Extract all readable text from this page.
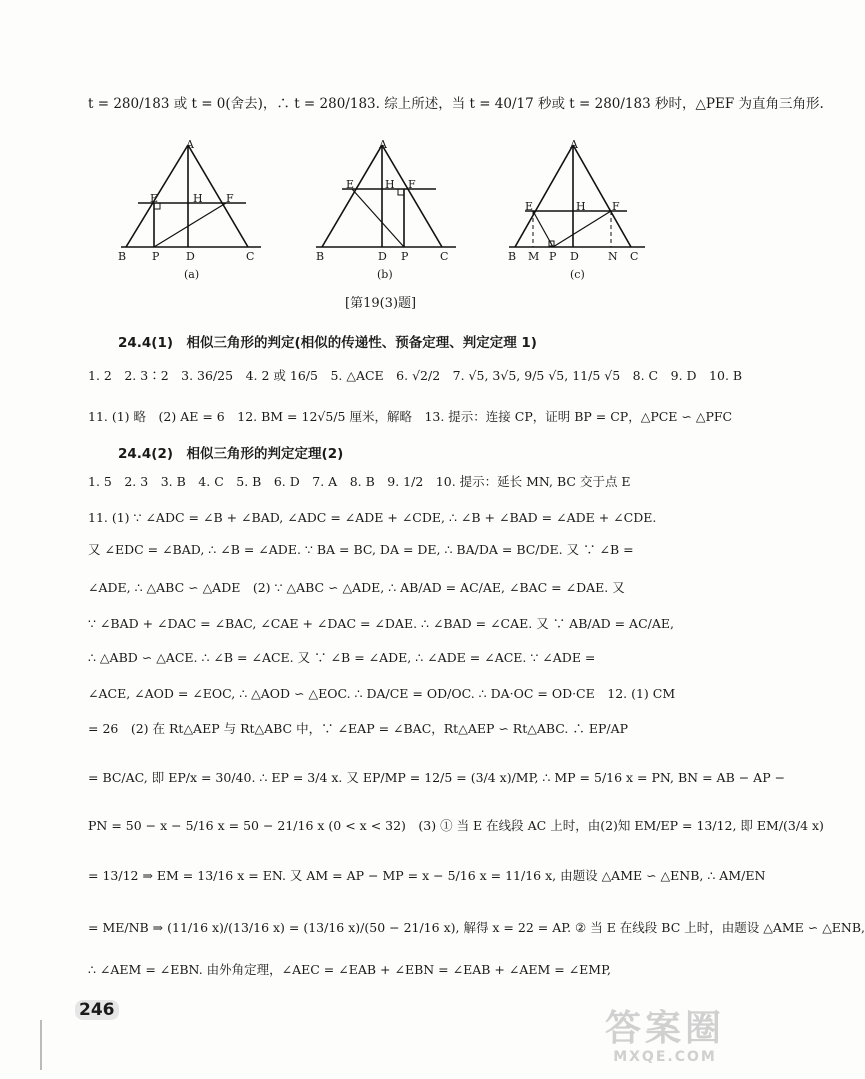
t = 280/183 或 t = 0(舍去)，∴ t = 280/183. 综上所述，当 t = 40/17 秒或 t = 280/183 秒时，△PEF 为直角三角形.
A
E	H F
B P D	C
(a)
A
E	H F
B	D P	C
(b)
A
E	H F
B M P D	N C
(c)
[第19(3)题]
24.4(1)　相似三角形的判定(相似的传递性、预备定理、判定定理 1)
1. 2　2. 3∶2　3. 36/25　4. 2 或 16/5　5. △ACE　6. √2/2　7. √5, 3√5, 9/5 √5, 11/5 √5　8. C　9. D　10. B
11. (1) 略　(2) AE = 6　12. BM = 12√5/5 厘米，解略　13. 提示：连接 CP，证明 BP = CP，△PCE ∽ △PFC
24.4(2)　相似三角形的判定定理(2)
1. 5　2. 3　3. B　4. C　5. B　6. D　7. A　8. B　9. 1/2　10. 提示：延长 MN, BC 交于点 E
11. (1) ∵ ∠ADC = ∠B + ∠BAD, ∠ADC = ∠ADE + ∠CDE, ∴ ∠B + ∠BAD = ∠ADE + ∠CDE.
又 ∠EDC = ∠BAD, ∴ ∠B = ∠ADE. ∵ BA = BC, DA = DE, ∴ BA/DA = BC/DE. 又 ∵ ∠B =
∠ADE, ∴ △ABC ∽ △ADE　(2) ∵ △ABC ∽ △ADE, ∴ AB/AD = AC/AE, ∠BAC = ∠DAE. 又
∵ ∠BAD + ∠DAC = ∠BAC, ∠CAE + ∠DAC = ∠DAE. ∴ ∠BAD = ∠CAE. 又 ∵ AB/AD = AC/AE,
∴ △ABD ∽ △ACE. ∴ ∠B = ∠ACE. 又 ∵ ∠B = ∠ADE, ∴ ∠ADE = ∠ACE. ∵ ∠ADE =
∠ACE, ∠AOD = ∠EOC, ∴ △AOD ∽ △EOC. ∴ DA/CE = OD/OC. ∴ DA·OC = OD·CE　12. (1) CM
= 26　(2) 在 Rt△AEP 与 Rt△ABC 中，∵ ∠EAP = ∠BAC，Rt△AEP ∽ Rt△ABC. ∴ EP/AP
= BC/AC, 即 EP/x = 30/40. ∴ EP = 3/4 x. 又 EP/MP = 12/5 = (3/4 x)/MP, ∴ MP = 5/16 x = PN, BN = AB − AP −
PN = 50 − x − 5/16 x = 50 − 21/16 x (0 < x < 32)　(3) ① 当 E 在线段 AC 上时，由(2)知 EM/EP = 13/12, 即 EM/(3/4 x)
= 13/12 ⇒ EM = 13/16 x = EN. 又 AM = AP − MP = x − 5/16 x = 11/16 x, 由题设 △AME ∽ △ENB, ∴ AM/EN
= ME/NB ⇒ (11/16 x)/(13/16 x) = (13/16 x)/(50 − 21/16 x), 解得 x = 22 = AP. ② 当 E 在线段 BC 上时，由题设 △AME ∽ △ENB,
∴ ∠AEM = ∠EBN. 由外角定理，∠AEC = ∠EAB + ∠EBN = ∠EAB + ∠AEM = ∠EMP,
246	答案圈
MXQE.COM
